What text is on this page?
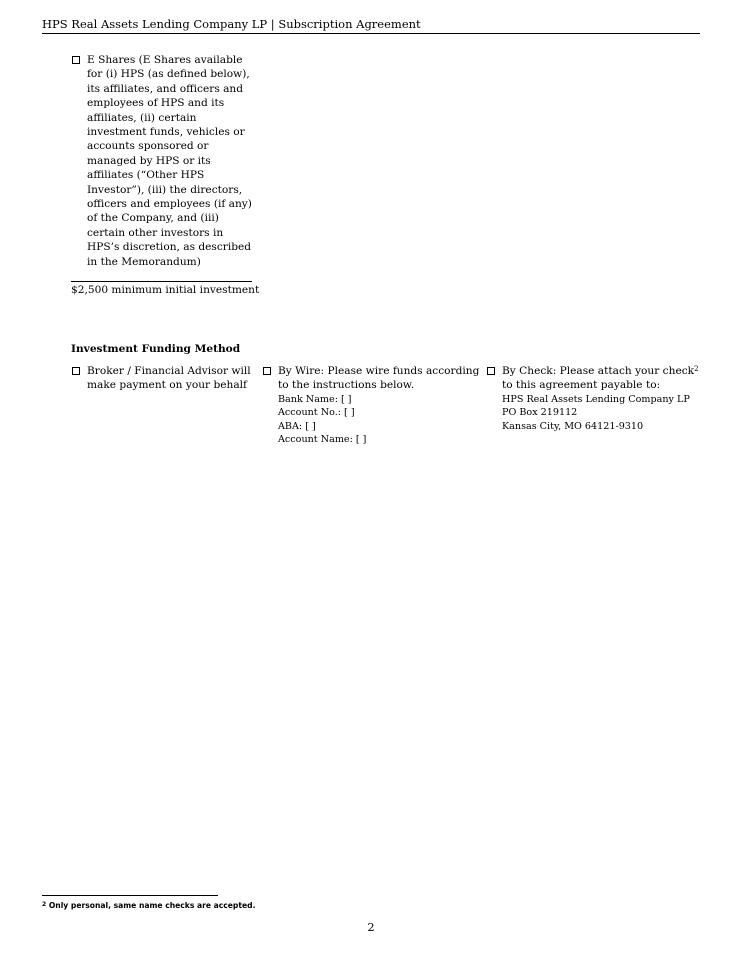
HPS Real Assets Lending Company LP | Subscription Agreement
E Shares (E Shares available for (i) HPS (as defined below), its affiliates, and officers and employees of HPS and its affiliates, (ii) certain investment funds, vehicles or accounts sponsored or managed by HPS or its affiliates (“Other HPS Investor”), (iii) the directors, officers and employees (if any) of the Company, and (iii) certain other investors in HPS’s discretion, as described in the Memorandum)
$2,500 minimum initial investment
Investment Funding Method
Broker / Financial Advisor will make payment on your behalf
By Wire: Please wire funds according to the instructions below.
Bank Name: [ ]
Account No.: [ ]
ABA: [ ]
Account Name: [ ]
By Check: Please attach your check$^2$ to this agreement payable to:
HPS Real Assets Lending Company LP
PO Box 219112
Kansas City, MO 64121-9310
$^2$ Only personal, same name checks are accepted.
2
